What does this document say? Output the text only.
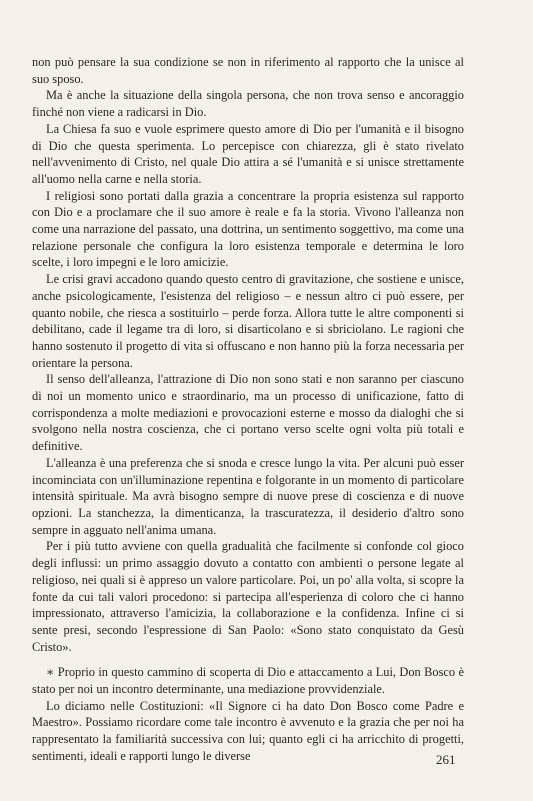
non può pensare la sua condizione se non in riferimento al rapporto che la unisce al suo sposo.

Ma è anche la situazione della singola persona, che non trova senso e ancoraggio finché non viene a radicarsi in Dio.

La Chiesa fa suo e vuole esprimere questo amore di Dio per l'umanità e il bisogno di Dio che questa sperimenta. Lo percepisce con chiarezza, gli è stato rivelato nell'avvenimento di Cristo, nel quale Dio attira a sé l'umanità e si unisce strettamente all'uomo nella carne e nella storia.

I religiosi sono portati dalla grazia a concentrare la propria esistenza sul rapporto con Dio e a proclamare che il suo amore è reale e fa la storia. Vivono l'alleanza non come una narrazione del passato, una dottrina, un sentimento soggettivo, ma come una relazione personale che configura la loro esistenza temporale e determina le loro scelte, i loro impegni e le loro amicizie.

Le crisi gravi accadono quando questo centro di gravitazione, che sostiene e unisce, anche psicologicamente, l'esistenza del religioso – e nessun altro ci può essere, per quanto nobile, che riesca a sostituirlo – perde forza. Allora tutte le altre componenti si debilitano, cade il legame tra di loro, si disarticolano e si sbriciolano. Le ragioni che hanno sostenuto il progetto di vita si offuscano e non hanno più la forza necessaria per orientare la persona.

Il senso dell'alleanza, l'attrazione di Dio non sono stati e non saranno per ciascuno di noi un momento unico e straordinario, ma un processo di unificazione, fatto di corrispondenza a molte mediazioni e provocazioni esterne e mosso da dialoghi che si svolgono nella nostra coscienza, che ci portano verso scelte ogni volta più totali e definitive.

L'alleanza è una preferenza che si snoda e cresce lungo la vita. Per alcuni può esser incominciata con un'illuminazione repentina e folgorante in un momento di particolare intensità spirituale. Ma avrà bisogno sempre di nuove prese di coscienza e di nuove opzioni. La stanchezza, la dimenticanza, la trascuratezza, il desiderio d'altro sono sempre in agguato nell'anima umana.

Per i più tutto avviene con quella gradualità che facilmente si confonde col gioco degli influssi: un primo assaggio dovuto a contatto con ambienti o persone legate al religioso, nei quali si è appreso un valore particolare. Poi, un po' alla volta, si scopre la fonte da cui tali valori procedono: si partecipa all'esperienza di coloro che ci hanno impressionato, attraverso l'amicizia, la collaborazione e la confidenza. Infine ci si sente presi, secondo l'espressione di San Paolo: «Sono stato conquistato da Gesù Cristo».

∗ Proprio in questo cammino di scoperta di Dio e attaccamento a Lui, Don Bosco è stato per noi un incontro determinante, una mediazione provvidenziale.

Lo diciamo nelle Costituzioni: «Il Signore ci ha dato Don Bosco come Padre e Maestro». Possiamo ricordare come tale incontro è avvenuto e la grazia che per noi ha rappresentato la familiarità successiva con lui; quanto egli ci ha arricchito di progetti, sentimenti, ideali e rapporti lungo le diverse	261
